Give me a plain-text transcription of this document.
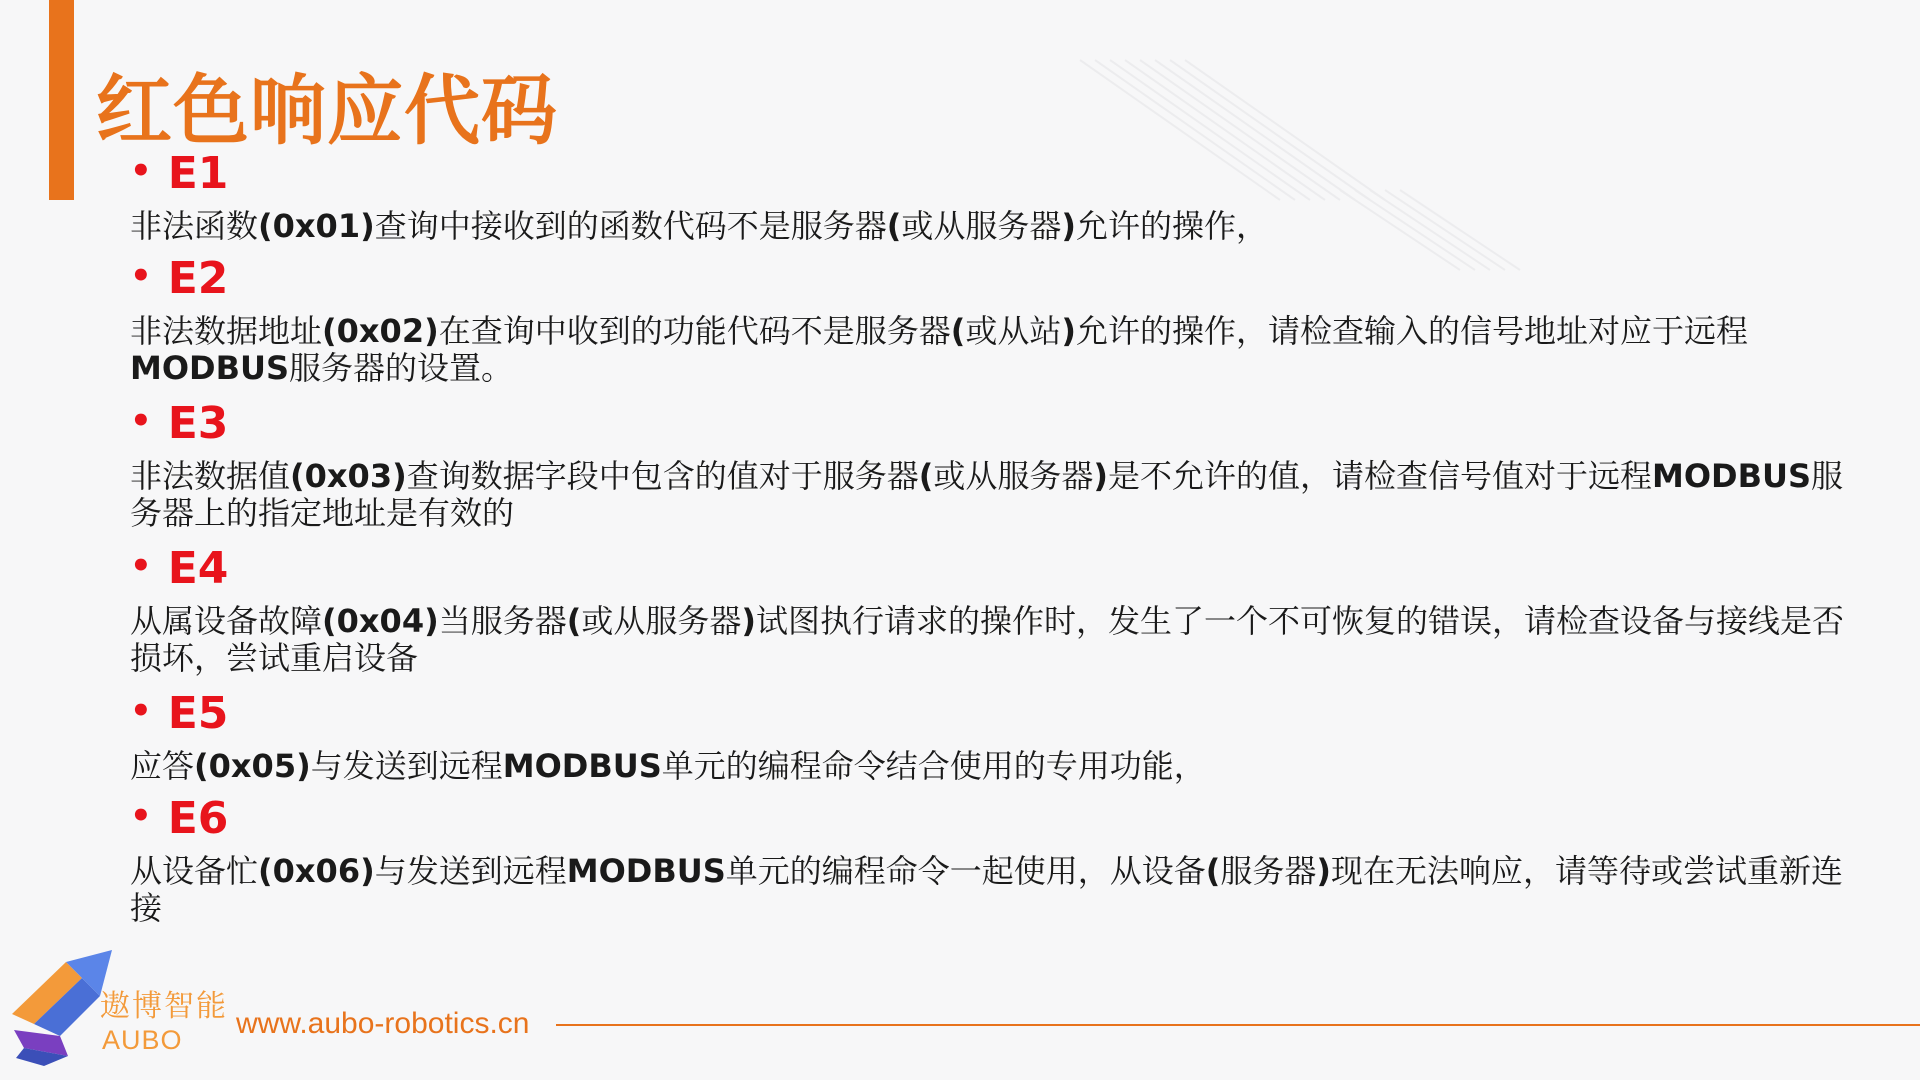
红色响应代码
• E1

非法函数(0x01)查询中接收到的函数代码不是服务器(或从服务器)允许的操作，

• E2

非法数据地址(0x02)在查询中收到的功能代码不是服务器(或从站)允许的操作，请检查输入的信号地址对应于远程MODBUS服务器的设置。

• E3

非法数据值(0x03)查询数据字段中包含的值对于服务器(或从服务器)是不允许的值，请检查信号值对于远程MODBUS服务器上的指定地址是有效的

• E4

从属设备故障(0x04)当服务器(或从服务器)试图执行请求的操作时，发生了一个不可恢复的错误，请检查设备与接线是否损坏，尝试重启设备

• E5

应答(0x05)与发送到远程MODBUS单元的编程命令结合使用的专用功能，

• E6

从设备忙(0x06)与发送到远程MODBUS单元的编程命令一起使用，从设备(服务器)现在无法响应，请等待或尝试重新连接

遨博智能
AUBO www.aubo-robotics.cn
